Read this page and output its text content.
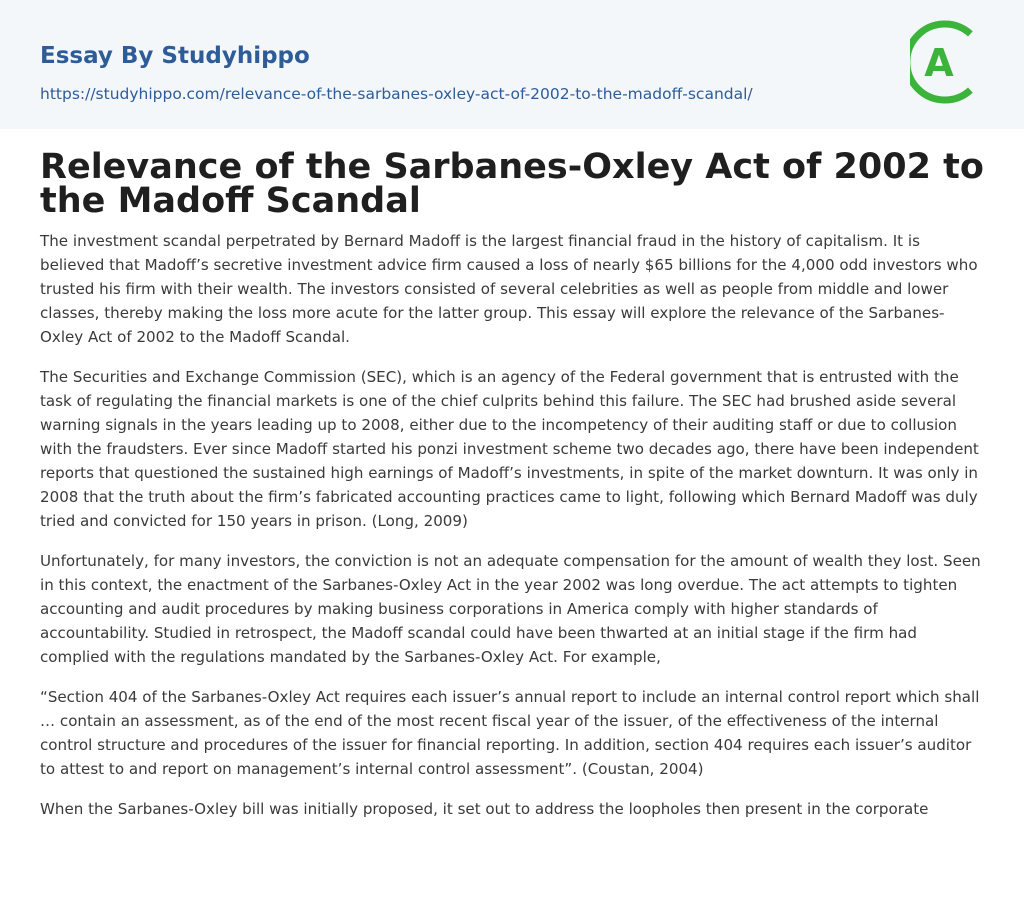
Essay By Studyhippo
https://studyhippo.com/relevance-of-the-sarbanes-oxley-act-of-2002-to-the-madoff-scandal/
A
Relevance of the Sarbanes-Oxley Act of 2002 to the Madoff Scandal

The investment scandal perpetrated by Bernard Madoff is the largest financial fraud in the history of capitalism. It is believed that Madoff’s secretive investment advice firm caused a loss of nearly $65 billions for the 4,000 odd investors who trusted his firm with their wealth. The investors consisted of several celebrities as well as people from middle and lower classes, thereby making the loss more acute for the latter group. This essay will explore the relevance of the Sarbanes-Oxley Act of 2002 to the Madoff Scandal.

The Securities and Exchange Commission (SEC), which is an agency of the Federal government that is entrusted with the task of regulating the financial markets is one of the chief culprits behind this failure. The SEC had brushed aside several warning signals in the years leading up to 2008, either due to the incompetency of their auditing staff or due to collusion with the fraudsters. Ever since Madoff started his ponzi investment scheme two decades ago, there have been independent reports that questioned the sustained high earnings of Madoff’s investments, in spite of the market downturn. It was only in 2008 that the truth about the firm’s fabricated accounting practices came to light, following which Bernard Madoff was duly tried and convicted for 150 years in prison. (Long, 2009)

Unfortunately, for many investors, the conviction is not an adequate compensation for the amount of wealth they lost. Seen in this context, the enactment of the Sarbanes-Oxley Act in the year 2002 was long overdue. The act attempts to tighten accounting and audit procedures by making business corporations in America comply with higher standards of accountability. Studied in retrospect, the Madoff scandal could have been thwarted at an initial stage if the firm had complied with the regulations mandated by the Sarbanes-Oxley Act. For example,

“Section 404 of the Sarbanes-Oxley Act requires each issuer’s annual report to include an internal control report which shall … contain an assessment, as of the end of the most recent fiscal year of the issuer, of the effectiveness of the internal control structure and procedures of the issuer for financial reporting. In addition, section 404 requires each issuer’s auditor to attest to and report on management’s internal control assessment”. (Coustan, 2004)

When the Sarbanes-Oxley bill was initially proposed, it set out to address the loopholes then present in the corporate
